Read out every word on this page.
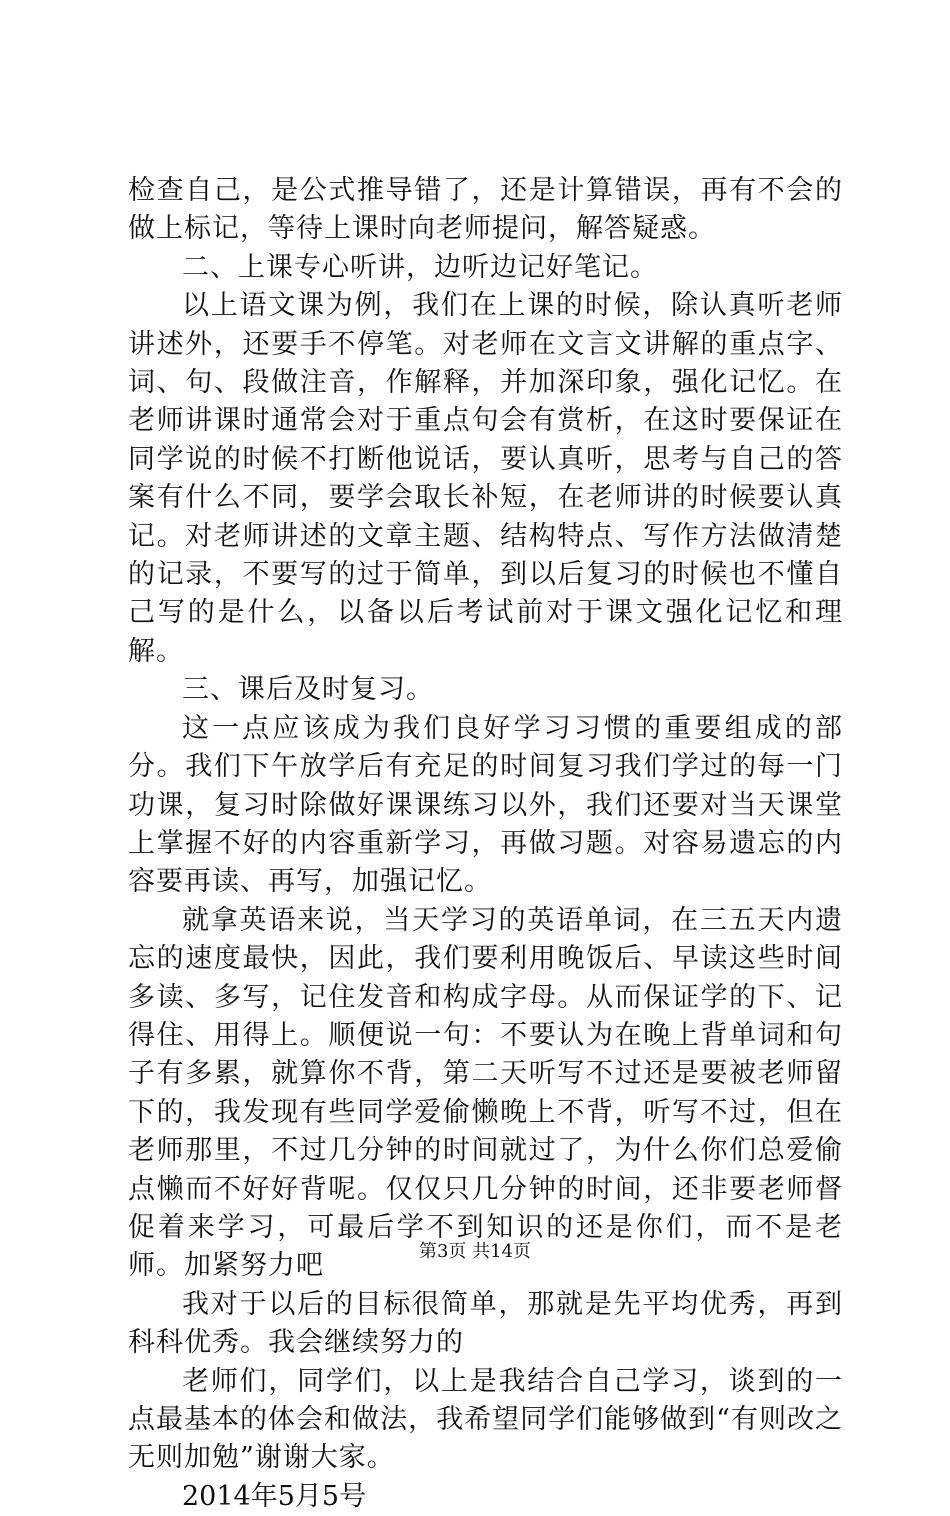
检查自己，是公式推导错了，还是计算错误，再有不会的做上标记，等待上课时向老师提问，解答疑惑。

二、上课专心听讲，边听边记好笔记。

以上语文课为例，我们在上课的时候，除认真听老师讲述外，还要手不停笔。对老师在文言文讲解的重点字、词、句、段做注音，作解释，并加深印象，强化记忆。在老师讲课时通常会对于重点句会有赏析，在这时要保证在同学说的时候不打断他说话，要认真听，思考与自己的答案有什么不同，要学会取长补短，在老师讲的时候要认真记。对老师讲述的文章主题、结构特点、写作方法做清楚的记录，不要写的过于简单，到以后复习的时候也不懂自己写的是什么，以备以后考试前对于课文强化记忆和理解。

三、课后及时复习。

这一点应该成为我们良好学习习惯的重要组成的部分。我们下午放学后有充足的时间复习我们学过的每一门功课，复习时除做好课课练习以外，我们还要对当天课堂上掌握不好的内容重新学习，再做习题。对容易遗忘的内容要再读、再写，加强记忆。

就拿英语来说，当天学习的英语单词，在三五天内遗忘的速度最快，因此，我们要利用晚饭后、早读这些时间多读、多写，记住发音和构成字母。从而保证学的下、记得住、用得上。顺便说一句：不要认为在晚上背单词和句子有多累，就算你不背，第二天听写不过还是要被老师留下的，我发现有些同学爱偷懒晚上不背，听写不过，但在老师那里，不过几分钟的时间就过了，为什么你们总爱偷点懒而不好好背呢。仅仅只几分钟的时间，还非要老师督促着来学习，可最后学不到知识的还是你们，而不是老师。加紧努力吧

我对于以后的目标很简单，那就是先平均优秀，再到科科优秀。我会继续努力的

老师们，同学们，以上是我结合自己学习，谈到的一点最基本的体会和做法，我希望同学们能够做到“有则改之无则加勉”谢谢大家。

2014年5月5号

第3页 共14页
